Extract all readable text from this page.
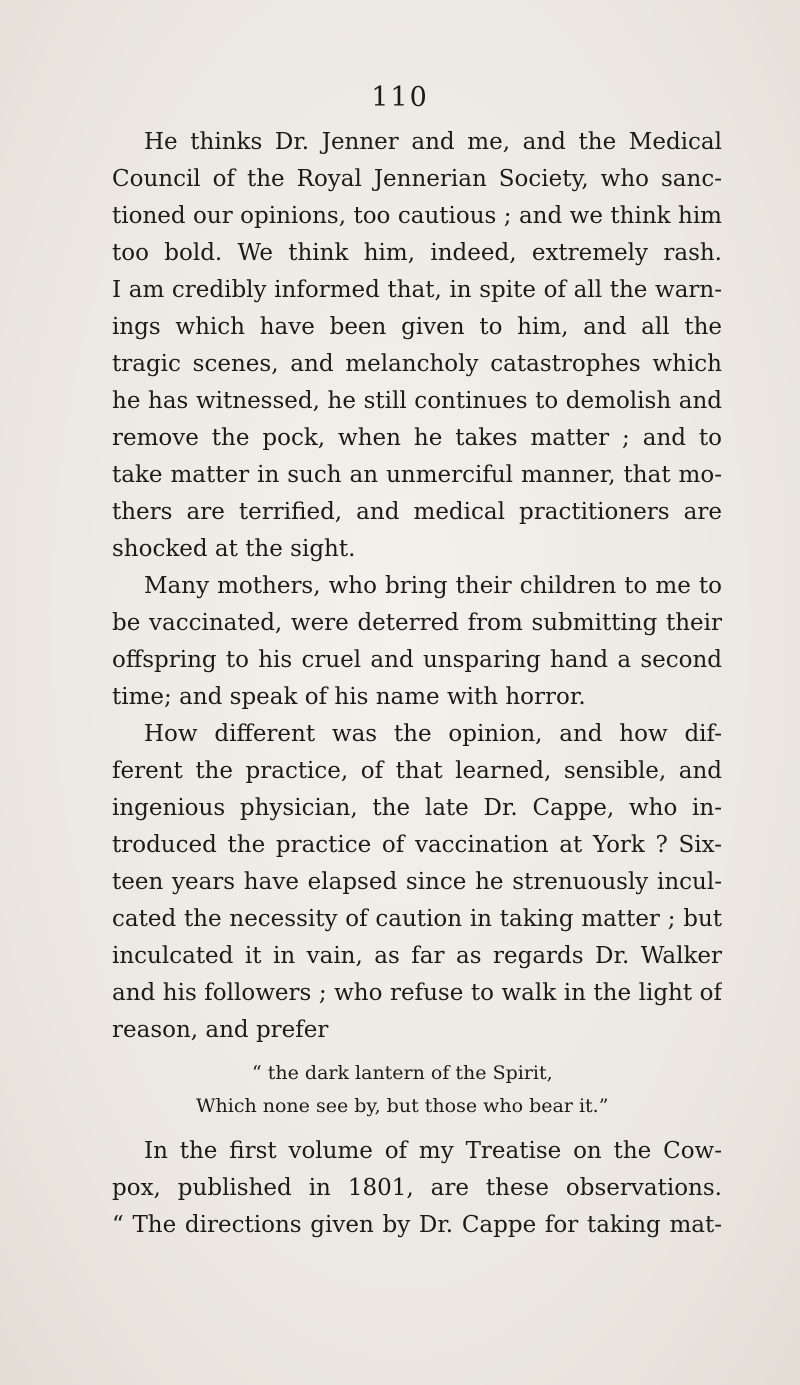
110
He thinks Dr. Jenner and me, and the Medical
Council of the Royal Jennerian Society, who sanc-
tioned our opinions, too cautious ; and we think him
too bold. We think him, indeed, extremely rash.
I am credibly informed that, in spite of all the warn-
ings which have been given to him, and all the
tragic scenes, and melancholy catastrophes which
he has witnessed, he still continues to demolish and
remove the pock, when he takes matter ; and to
take matter in such an unmerciful manner, that mo-
thers are terrified, and medical practitioners are
shocked at the sight.
Many mothers, who bring their children to me to
be vaccinated, were deterred from submitting their
offspring to his cruel and unsparing hand a second
time; and speak of his name with horror.
How different was the opinion, and how dif-
ferent the practice, of that learned, sensible, and
ingenious physician, the late Dr. Cappe, who in-
troduced the practice of vaccination at York ? Six-
teen years have elapsed since he strenuously incul-
cated the necessity of caution in taking matter ; but
inculcated it in vain, as far as regards Dr. Walker
and his followers ; who refuse to walk in the light of
reason, and prefer
“ the dark lantern of the Spirit,
Which none see by, but those who bear it.”
In the first volume of my Treatise on the Cow-
pox, published in 1801, are these observations.
“ The directions given by Dr. Cappe for taking mat-
